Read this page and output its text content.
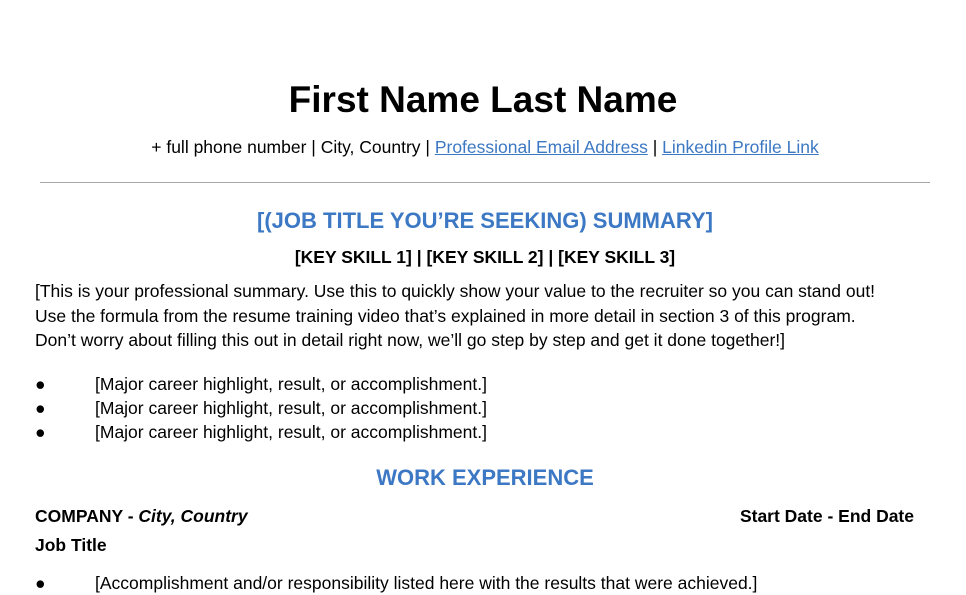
First Name Last Name
+ full phone number | City, Country | Professional Email Address | Linkedin Profile Link
[(JOB TITLE YOU’RE SEEKING) SUMMARY]
[KEY SKILL 1] | [KEY SKILL 2] | [KEY SKILL 3]
[This is your professional summary. Use this to quickly show your value to the recruiter so you can stand out!
Use the formula from the resume training video that’s explained in more detail in section 3 of this program.
Don’t worry about filling this out in detail right now, we’ll go step by step and get it done together!]
●	[Major career highlight, result, or accomplishment.]
●	[Major career highlight, result, or accomplishment.]
●	[Major career highlight, result, or accomplishment.]
WORK EXPERIENCE
COMPANY - City, Country	Start Date - End Date
Job Title
●	[Accomplishment and/or responsibility listed here with the results that were achieved.]
